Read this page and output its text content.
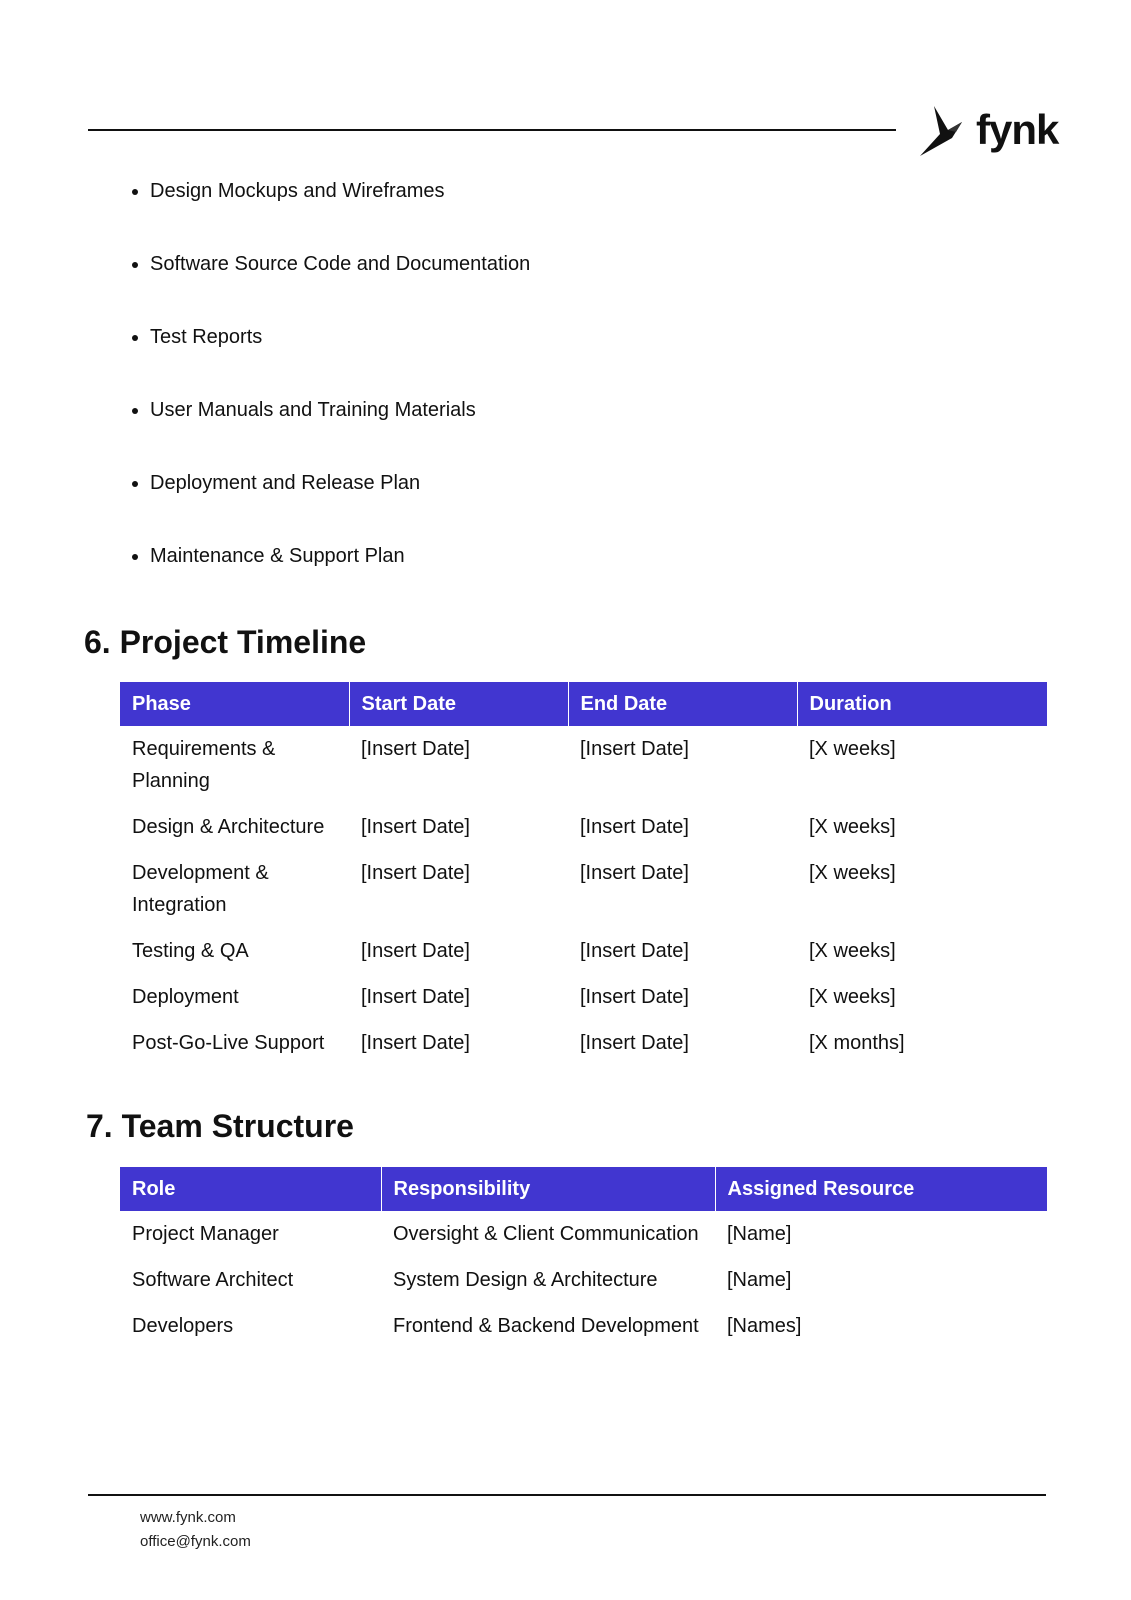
fynk
Design Mockups and Wireframes
Software Source Code and Documentation
Test Reports
User Manuals and Training Materials
Deployment and Release Plan
Maintenance & Support Plan
6. Project Timeline
Phase	Start Date	End Date	Duration
Requirements & Planning	[Insert Date]	[Insert Date]	[X weeks]
Design & Architecture	[Insert Date]	[Insert Date]	[X weeks]
Development & Integration	[Insert Date]	[Insert Date]	[X weeks]
Testing & QA	[Insert Date]	[Insert Date]	[X weeks]
Deployment	[Insert Date]	[Insert Date]	[X weeks]
Post-Go-Live Support	[Insert Date]	[Insert Date]	[X months]
7. Team Structure
Role	Responsibility	Assigned Resource
Project Manager	Oversight & Client Communication	[Name]
Software Architect	System Design & Architecture	[Name]
Developers	Frontend & Backend Development	[Names]
www.fynk.com
office@fynk.com
